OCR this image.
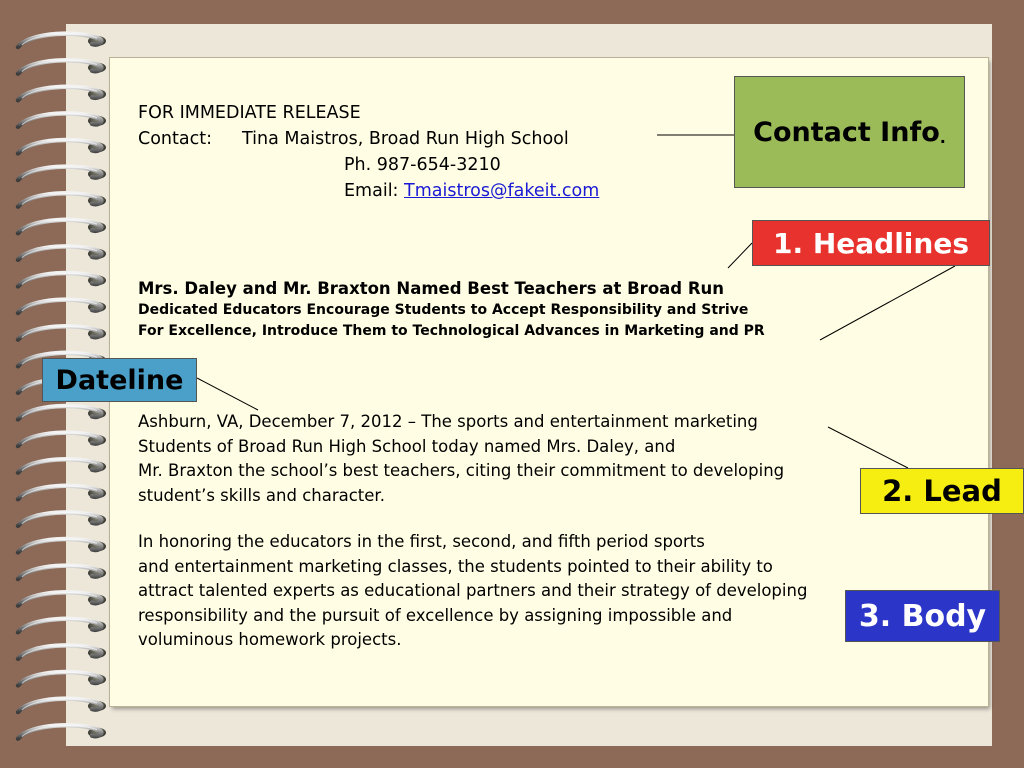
FOR IMMEDIATE RELEASE
Contact: Tina Maistros, Broad Run High School
Ph. 987-654-3210
Email: Tmaistros@fakeit.com
Mrs. Daley and Mr. Braxton Named Best Teachers at Broad Run
Dedicated Educators Encourage Students to Accept Responsibility and Strive
For Excellence, Introduce Them to Technological Advances in Marketing and PR
Ashburn, VA, December 7, 2012 – The sports and entertainment marketing
Students of Broad Run High School today named Mrs. Daley, and
Mr. Braxton the school’s best teachers, citing their commitment to developing
student’s skills and character.
In honoring the educators in the first, second, and fifth period sports
and entertainment marketing classes, the students pointed to their ability to
attract talented experts as educational partners and their strategy of developing
responsibility and the pursuit of excellence by assigning impossible and
voluminous homework projects.
Contact Info .
1. Headlines
Dateline
2. Lead
3. Body
